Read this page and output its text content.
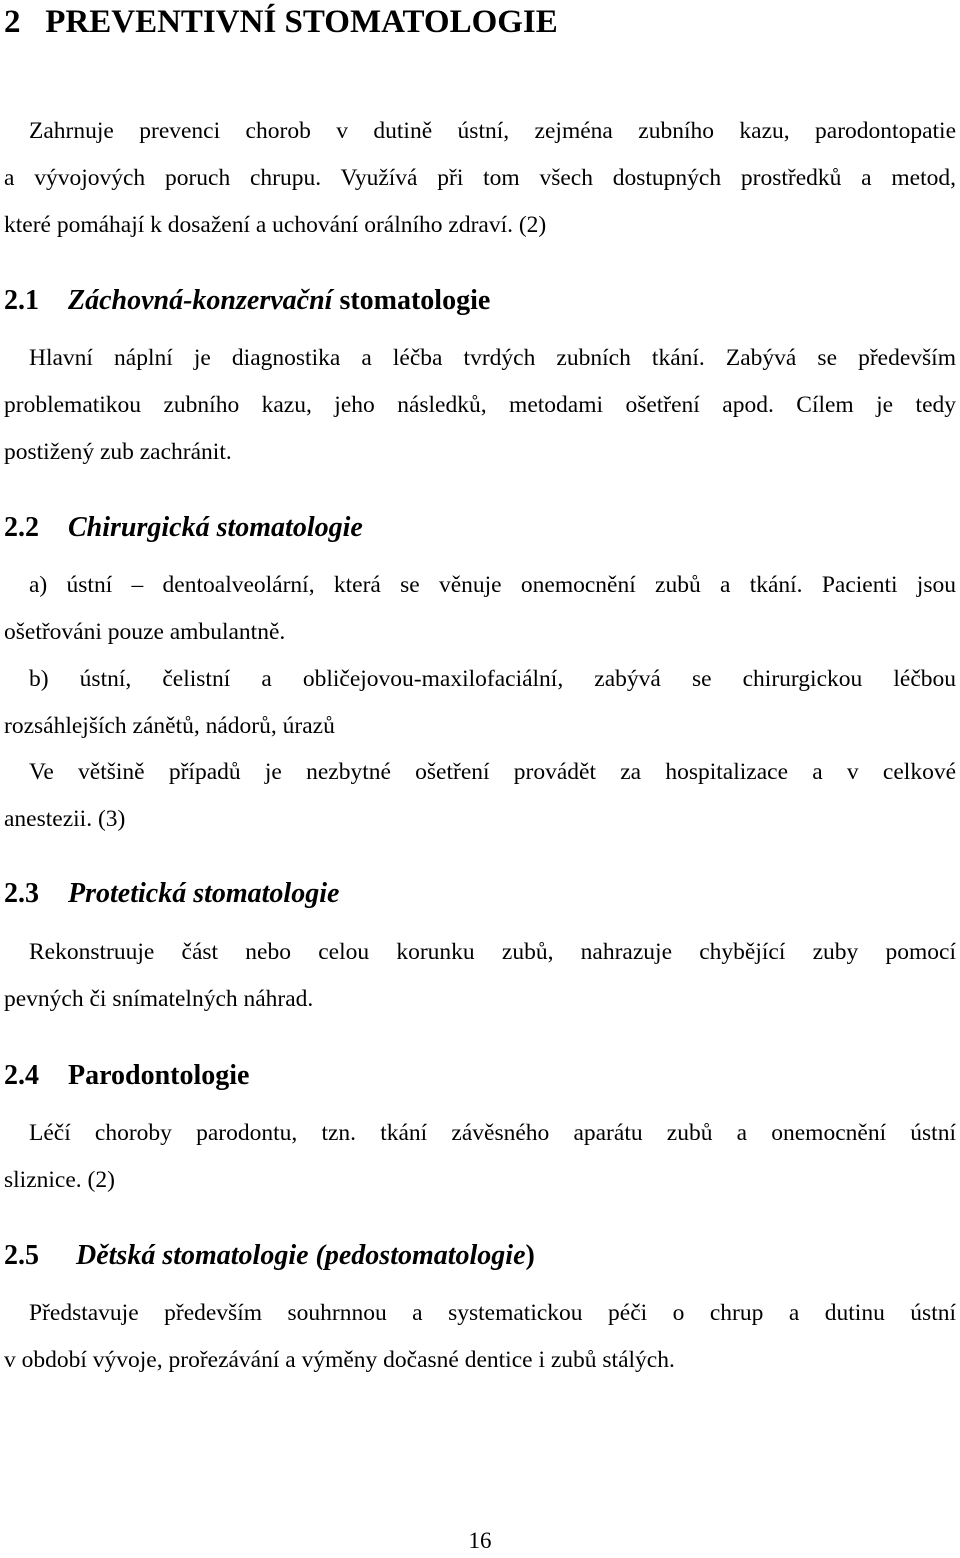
2 PREVENTIVNÍ STOMATOLOGIE
Zahrnuje prevenci chorob v dutině ústní, zejména zubního kazu, parodontopatie
a vývojových poruch chrupu. Využívá při tom všech dostupných prostředků a metod,
které pomáhají k dosažení a uchování orálního zdraví. (2)
2.1 Záchovná-konzervační stomatologie
Hlavní náplní je diagnostika a léčba tvrdých zubních tkání. Zabývá se především
problematikou zubního kazu, jeho následků, metodami ošetření apod. Cílem je tedy
postižený zub zachránit.
2.2 Chirurgická stomatologie
a) ústní – dentoalveolární, která se věnuje onemocnění zubů a tkání. Pacienti jsou
ošetřováni pouze ambulantně.
b) ústní, čelistní a obličejovou-maxilofaciální, zabývá se chirurgickou léčbou
rozsáhlejších zánětů, nádorů, úrazů
Ve většině případů je nezbytné ošetření provádět za hospitalizace a v celkové
anestezii. (3)
2.3 Protetická stomatologie
Rekonstruuje část nebo celou korunku zubů, nahrazuje chybějící zuby pomocí
pevných či snímatelných náhrad.
2.4 Parodontologie
Léčí choroby parodontu, tzn. tkání závěsného aparátu zubů a onemocnění ústní
sliznice. (2)
2.5 Dětská stomatologie (pedostomatologie)
Představuje především souhrnnou a systematickou péči o chrup a dutinu ústní
v období vývoje, prořezávání a výměny dočasné dentice i zubů stálých.
16
